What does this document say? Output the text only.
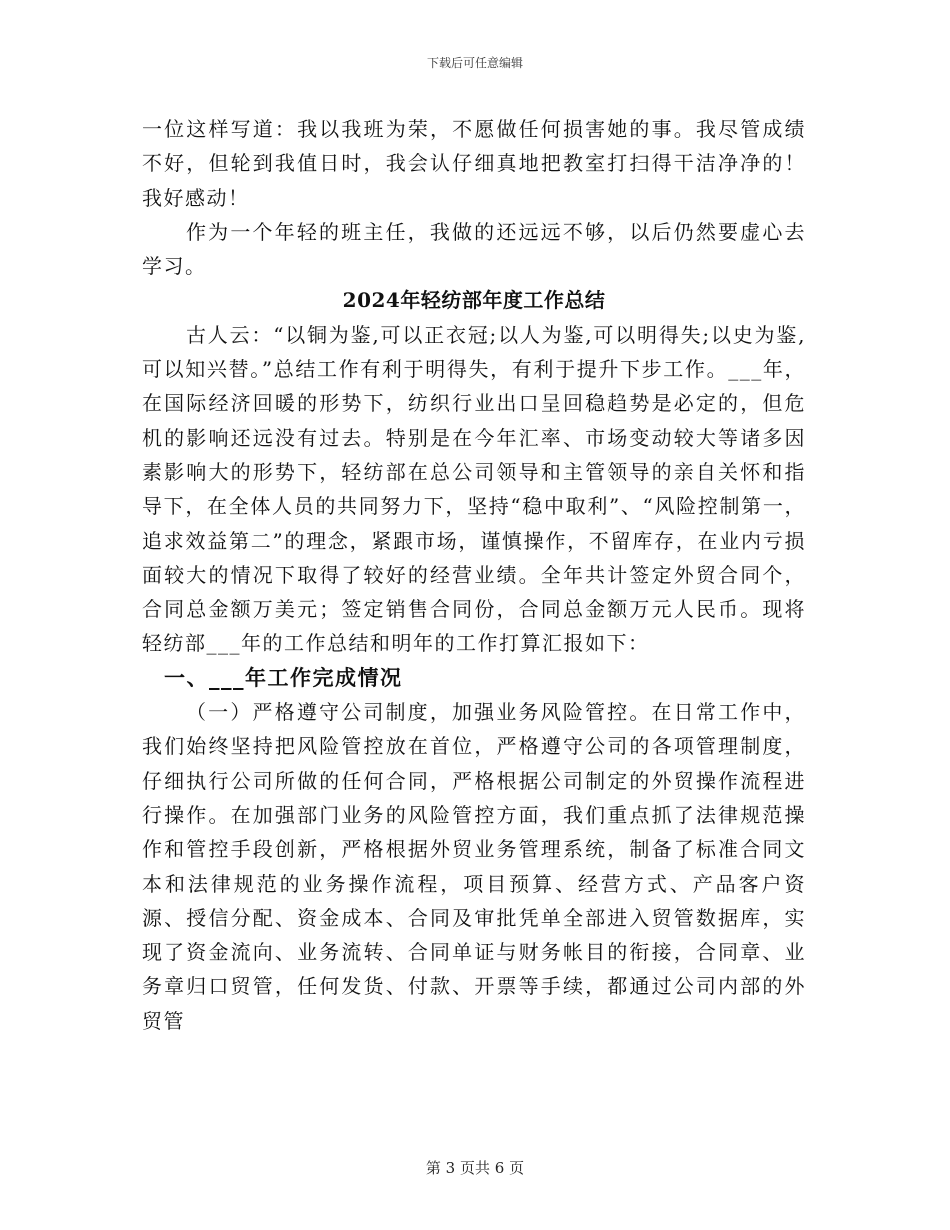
下载后可任意编辑

一位这样写道：我以我班为荣，不愿做任何损害她的事。我尽管成绩不好，但轮到我值日时，我会认仔细真地把教室打扫得干洁净净的！我好感动！

作为一个年轻的班主任，我做的还远远不够，以后仍然要虚心去学习。

2024年轻纺部年度工作总结

古人云：“以铜为鉴,可以正衣冠;以人为鉴,可以明得失;以史为鉴,可以知兴替。”总结工作有利于明得失，有利于提升下步工作。___年，在国际经济回暖的形势下，纺织行业出口呈回稳趋势是必定的，但危机的影响还远没有过去。特别是在今年汇率、市场变动较大等诸多因素影响大的形势下，轻纺部在总公司领导和主管领导的亲自关怀和指导下，在全体人员的共同努力下，坚持“稳中取利”、“风险控制第一，追求效益第二”的理念，紧跟市场，谨慎操作，不留库存，在业内亏损面较大的情况下取得了较好的经营业绩。全年共计签定外贸合同个，合同总金额万美元；签定销售合同份，合同总金额万元人民币。现将轻纺部___年的工作总结和明年的工作打算汇报如下：

一、___年工作完成情况

（一）严格遵守公司制度，加强业务风险管控。在日常工作中，我们始终坚持把风险管控放在首位，严格遵守公司的各项管理制度，仔细执行公司所做的任何合同，严格根据公司制定的外贸操作流程进行操作。在加强部门业务的风险管控方面，我们重点抓了法律规范操作和管控手段创新，严格根据外贸业务管理系统，制备了标准合同文本和法律规范的业务操作流程，项目预算、经营方式、产品客户资源、授信分配、资金成本、合同及审批凭单全部进入贸管数据库，实现了资金流向、业务流转、合同单证与财务帐目的衔接，合同章、业务章归口贸管，任何发货、付款、开票等手续，都通过公司内部的外贸管

第 3 页共 6 页
